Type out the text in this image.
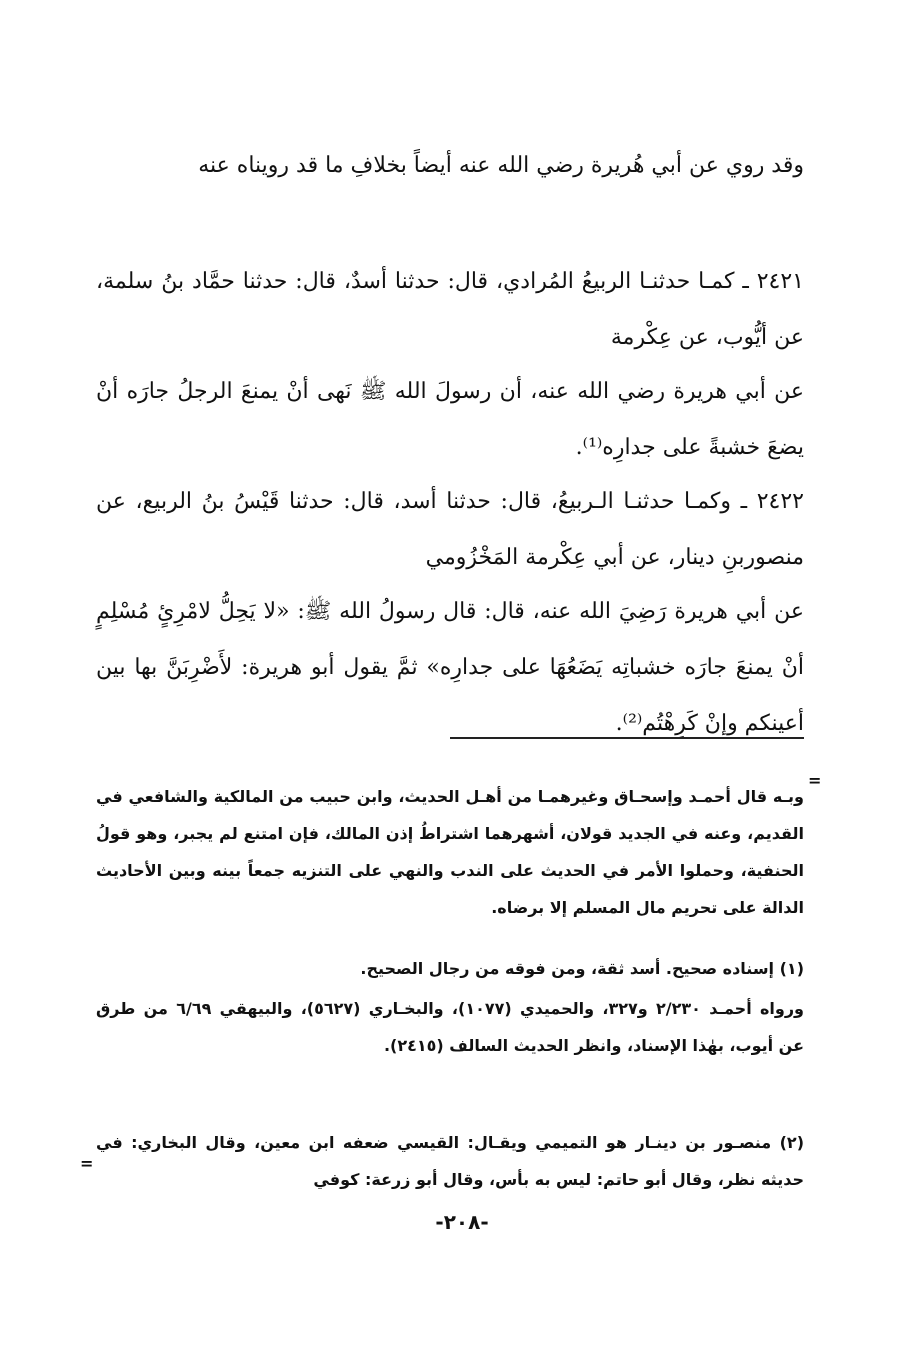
وقد روي عن أبي هُريرة رضي الله عنه أيضاً بخلافِ ما قد رويناه عنه

٢٤٢١ ـ كمـا حدثنـا الربيعُ المُرادي، قال: حدثنا أسدٌ، قال: حدثنا حمَّاد بنُ سلمة، عن أيُّوب، عن عِكْرمة

عن أبي هريرة رضي الله عنه، أن رسولَ الله ﷺ نَهى أنْ يمنعَ الرجلُ جارَه أنْ يضعَ خشبةً على جدارِه⁽¹⁾.

٢٤٢٢ ـ وكمـا حدثنـا الـربيعُ، قال: حدثنا أسد، قال: حدثنا قَيْسُ بنُ الربيع، عن منصوربنِ دينار، عن أبي عِكْرمة المَخْزُومي

عن أبي هريرة رَضِيَ الله عنه، قال: قال رسولُ الله ﷺ: «لا يَحِلُّ لامْرِئٍ مُسْلِمٍ أنْ يمنعَ جارَه خشباتِه يَضَعُهَا على جدارِه» ثمَّ يقول أبو هريرة: لأَضْرِبَنَّ بها بين أعينكم وإنْ كَرِهْتُم⁽²⁾.

=

وبـه قال أحمـد وإسحـاق وغيرهمـا من أهـل الحديث، وابن حبيب من المالكية والشافعي في القديم، وعنه في الجديد قولان، أشهرهما اشتراطُ إذن المالك، فإن امتنع لم يجبر، وهو قولُ الحنفية، وحملوا الأمر في الحديث على الندب والنهي على التنزيه جمعاً بينه وبين الأحاديث الدالة على تحريم مال المسلم إلا برضاه.

(١) إسناده صحيح. أسد ثقة، ومن فوقه من رجال الصحيح.

ورواه أحمـد ٢/٢٣٠ و٣٢٧، والحميدي (١٠٧٧)، والبخـاري (٥٦٢٧)، والبيهقي ٦/٦٩ من طرق عن أيوب، بهٰذا الإسناد، وانظر الحديث السالف (٢٤١٥).

(٢) منصـور بن دينـار هو التميمي ويقـال: القيسي ضعفه ابن معين، وقال البخاري: في حديثه نظر، وقال أبو حاتم: ليس به بأس، وقال أبو زرعة: كوفي

=
-٢٠٨-
